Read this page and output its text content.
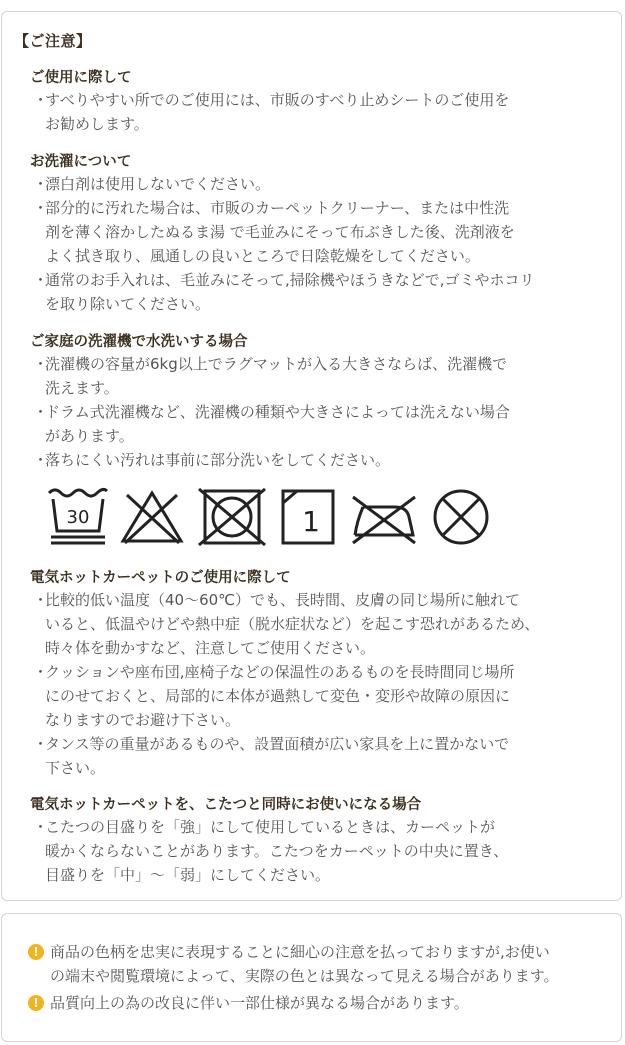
【ご注意】
ご使用に際して
・
すべりやすい所でのご使用には、市販のすべり止めシートのご使用を
お勧めします。
お洗濯について
・
漂白剤は使用しないでください。
・
部分的に汚れた場合は、市販のカーペットクリーナー、または中性洗
剤を薄く溶かしたぬるま湯 で毛並みにそって布ぶきした後、洗剤液を
よく拭き取り、風通しの良いところで日陰乾燥をしてください。
・
通常のお手入れは、毛並みにそって,掃除機やほうきなどで,ゴミやホコリ
を取り除いてください。
ご家庭の洗濯機で水洗いする場合
・
洗濯機の容量が6kg以上でラグマットが入る大きさならば、洗濯機で
洗えます。
・
ドラム式洗濯機など、洗濯機の種類や大きさによっては洗えない場合
があります。
・
落ちにくい汚れは事前に部分洗いをしてください。
30	1
電気ホットカーペットのご使用に際して
・
比較的低い温度（40～60℃）でも、長時間、皮膚の同じ場所に触れて
いると、低温やけどや熱中症（脱水症状など）を起こす恐れがあるため、
時々体を動かすなど、注意してご使用ください。
・
クッションや座布団,座椅子などの保温性のあるものを長時間同じ場所
にのせておくと、局部的に本体が過熱して変色・変形や故障の原因に
なりますのでお避け下さい。
・
タンス等の重量があるものや、設置面積が広い家具を上に置かないで
下さい。
電気ホットカーペットを、こたつと同時にお使いになる場合
・
こたつの目盛りを「強」にして使用しているときは、カーペットが
暖かくならないことがあります。こたつをカーペットの中央に置き、
目盛りを「中」～「弱」にしてください。
! 商品の色柄を忠実に表現することに細心の注意を払っておりますが,お使い
の端末や閲覧環境によって、実際の色とは異なって見える場合があります。
! 品質向上の為の改良に伴い一部仕様が異なる場合があります。
